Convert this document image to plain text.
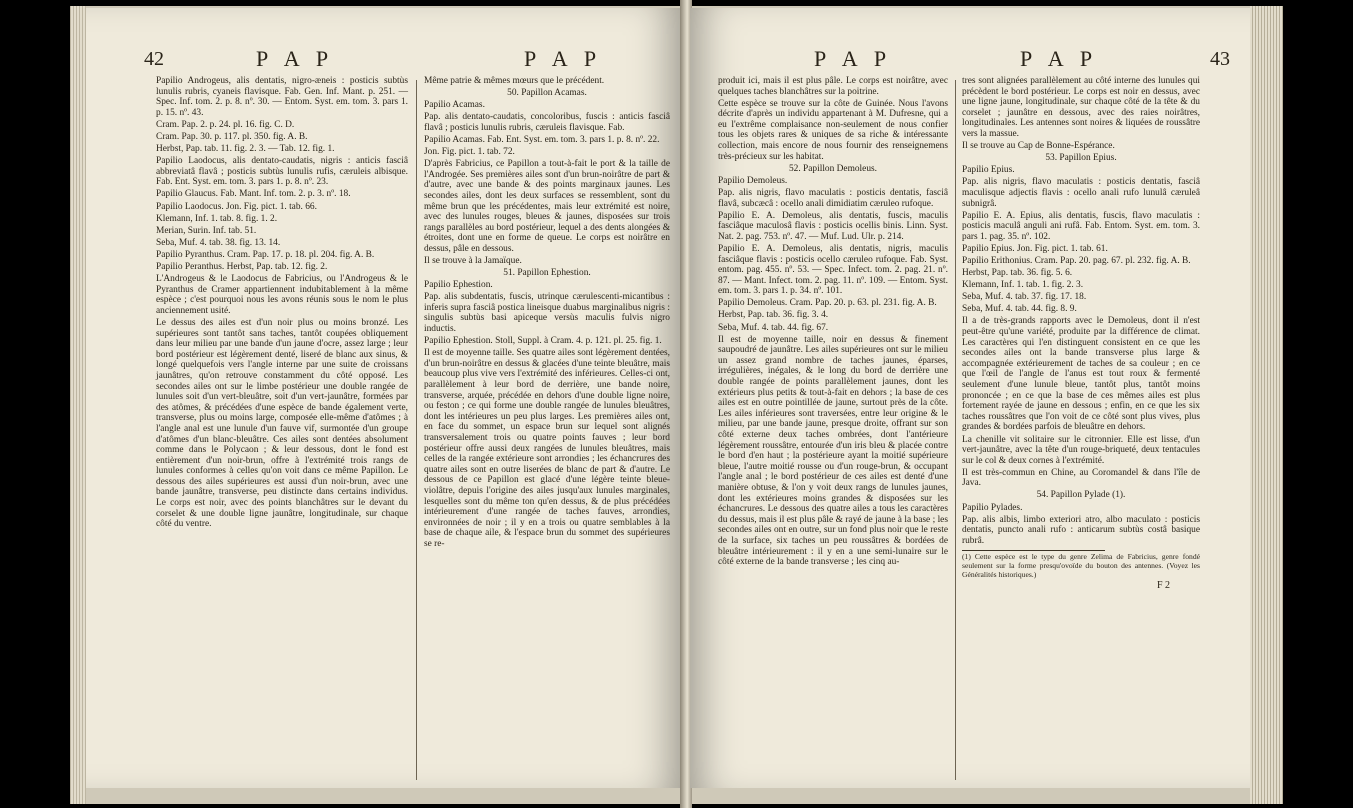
42	P A P	P A P

Papilio Androgeus, alis dentatis, nigro-æneis : posticis subtùs lunulis rubris, cyaneis flavisque. Fab. Gen. Inf. Mant. p. 251. — Spec. Inf. tom. 2. p. 8. nº. 30. — Entom. Syst. em. tom. 3. pars 1. p. 15. nº. 43.

Cram. Pap. 2. p. 24. pl. 16. fig. C. D.

Cram. Pap. 30. p. 117. pl. 350. fig. A. B.

Herbst, Pap. tab. 11. fig. 2. 3. — Tab. 12. fig. 1.

Papilio Laodocus, alis dentato-caudatis, nigris : anticis fasciâ abbreviatâ flavâ ; posticis subtùs lunulis rufis, cæruleis albisque. Fab. Ent. Syst. em. tom. 3. pars 1. p. 8. nº. 23.

Papilio Glaucus. Fab. Mant. Inf. tom. 2. p. 3. nº. 18.

Papilio Laodocus. Jon. Fig. pict. 1. tab. 66.

Klemann, Inf. 1. tab. 8. fig. 1. 2.

Merian, Surin. Inf. tab. 51.

Seba, Muf. 4. tab. 38. fig. 13. 14.

Papilio Pyranthus. Cram. Pap. 17. p. 18. pl. 204. fig. A. B.

Papilio Peranthus. Herbst, Pap. tab. 12. fig. 2.

L'Androgeus & le Laodocus de Fabricius, ou l'Androgeus & le Pyranthus de Cramer appartiennent indubitablement à la même espèce ; c'est pourquoi nous les avons réunis sous le nom le plus anciennement usité.

Le dessus des ailes est d'un noir plus ou moins bronzé. Les supérieures sont tantôt sans taches, tantôt coupées obliquement dans leur milieu par une bande d'un jaune d'ocre, assez large ; leur bord postérieur est légèrement denté, liseré de blanc aux sinus, & longé quelquefois vers l'angle interne par une suite de croissans jaunâtres, qu'on retrouve constamment du côté opposé. Les secondes ailes ont sur le limbe postérieur une double rangée de lunules soit d'un vert-bleuâtre, soit d'un vert-jaunâtre, formées par des atômes, & précédées d'une espèce de bande également verte, transverse, plus ou moins large, composée elle-même d'atômes ; à l'angle anal est une lunule d'un fauve vif, surmontée d'un groupe d'atômes d'un blanc-bleuâtre. Ces ailes sont dentées absolument comme dans le Polycaon ; & leur dessous, dont le fond est entièrement d'un noir-brun, offre à l'extrémité trois rangs de lunules conformes à celles qu'on voit dans ce même Papillon. Le dessous des ailes supérieures est aussi d'un noir-brun, avec une bande jaunâtre, transverse, peu distincte dans certains individus. Le corps est noir, avec des points blanchâtres sur le devant du corselet & une double ligne jaunâtre, longitudinale, sur chaque côté du ventre.

Même patrie & mêmes mœurs que le précédent.

50. Papillon Acamas.

Papilio Acamas.

Pap. alis dentato-caudatis, concoloribus, fuscis : anticis fasciâ flavâ ; posticis lunulis rubris, cæruleis flavisque. Fab.

Papilio Acamas. Fab. Ent. Syst. em. tom. 3. pars 1. p. 8. nº. 22.

Jon. Fig. pict. 1. tab. 72.

D'après Fabricius, ce Papillon a tout-à-fait le port & la taille de l'Androgée. Ses premières ailes sont d'un brun-noirâtre de part & d'autre, avec une bande & des points marginaux jaunes. Les secondes ailes, dont les deux surfaces se ressemblent, sont du même brun que les précédentes, mais leur extrémité est noire, avec des lunules rouges, bleues & jaunes, disposées sur trois rangs parallèles au bord postérieur, lequel a des dents alongées & étroites, dont une en forme de queue. Le corps est noirâtre en dessus, pâle en dessous.

Il se trouve à la Jamaïque.

51. Papillon Ephestion.

Papilio Ephestion.

Pap. alis subdentatis, fuscis, utrinque cærulescenti-micantibus : inferis supra fasciâ postica lineisque duabus marginalibus nigris : singulis subtùs basi apiceque versùs maculis fulvis nigro inductis.

Papilio Ephestion. Stoll, Suppl. à Cram. 4. p. 121. pl. 25. fig. 1.

Il est de moyenne taille. Ses quatre ailes sont légèrement dentées, d'un brun-noirâtre en dessus & glacées d'une teinte bleuâtre, mais beaucoup plus vive vers l'extrémité des inférieures. Celles-ci ont, parallèlement à leur bord de derrière, une bande noire, transverse, arquée, précédée en dehors d'une double ligne noire, ou feston ; ce qui forme une double rangée de lunules bleuâtres, dont les intérieures un peu plus larges. Les premières ailes ont, en face du sommet, un espace brun sur lequel sont alignés transversalement trois ou quatre points fauves ; leur bord postérieur offre aussi deux rangées de lunules bleuâtres, mais celles de la rangée extérieure sont arrondies ; les échancrures des quatre ailes sont en outre liserées de blanc de part & d'autre. Le dessous de ce Papillon est glacé d'une légère teinte bleue-violâtre, depuis l'origine des ailes jusqu'aux lunules marginales, lesquelles sont du même ton qu'en dessus, & de plus précédées intérieurement d'une rangée de taches fauves, arrondies, environnées de noir ; il y en a trois ou quatre semblables à la base de chaque aile, & l'espace brun du sommet des supérieures se re-

P A P	P A P	43

produit ici, mais il est plus pâle. Le corps est noirâtre, avec quelques taches blanchâtres sur la poitrine.

Cette espèce se trouve sur la côte de Guinée. Nous l'avons décrite d'après un individu appartenant à M. Dufresne, qui a eu l'extrême complaisance non-seulement de nous confier tous les objets rares & uniques de sa riche & intéressante collection, mais encore de nous fournir des renseignemens très-précieux sur les habitat.

52. Papillon Demoleus.

Papilio Demoleus.

Pap. alis nigris, flavo maculatis : posticis dentatis, fasciâ flavâ, subcæcâ : ocello anali dimidiatim cæruleo rufoque.

Papilio E. A. Demoleus, alis dentatis, fuscis, maculis fasciâque maculosâ flavis : posticis ocellis binis. Linn. Syst. Nat. 2. pag. 753. nº. 47. — Muf. Lud. Ulr. p. 214.

Papilio E. A. Demoleus, alis dentatis, nigris, maculis fasciâque flavis : posticis ocello cæruleo rufoque. Fab. Syst. entom. pag. 455. nº. 53. — Spec. Infect. tom. 2. pag. 21. nº. 87. — Mant. Infect. tom. 2. pag. 11. nº. 109. — Entom. Syst. em. tom. 3. pars 1. p. 34. nº. 101.

Papilio Demoleus. Cram. Pap. 20. p. 63. pl. 231. fig. A. B.

Herbst, Pap. tab. 36. fig. 3. 4.

Seba, Muf. 4. tab. 44. fig. 67.

Il est de moyenne taille, noir en dessus & finement saupoudré de jaunâtre. Les ailes supérieures ont sur le milieu un assez grand nombre de taches jaunes, éparses, irrégulières, inégales, & le long du bord de derrière une double rangée de points parallèlement jaunes, dont les extérieurs plus petits & tout-à-fait en dehors ; la base de ces ailes est en outre pointillée de jaune, surtout près de la côte. Les ailes inférieures sont traversées, entre leur origine & le milieu, par une bande jaune, presque droite, offrant sur son côté externe deux taches ombrées, dont l'antérieure légèrement roussâtre, entourée d'un iris bleu & placée contre le bord d'en haut ; la postérieure ayant la moitié supérieure bleue, l'autre moitié rousse ou d'un rouge-brun, & occupant l'angle anal ; le bord postérieur de ces ailes est denté d'une manière obtuse, & l'on y voit deux rangs de lunules jaunes, dont les extérieures moins grandes & disposées sur les échancrures. Le dessous des quatre ailes a tous les caractères du dessus, mais il est plus pâle & rayé de jaune à la base ; les secondes ailes ont en outre, sur un fond plus noir que le reste de la surface, six taches un peu roussâtres & bordées de bleuâtre intérieurement : il y en a une semi-lunaire sur le côté externe de la bande transverse ; les cinq au-

tres sont alignées parallèlement au côté interne des lunules qui précèdent le bord postérieur. Le corps est noir en dessus, avec une ligne jaune, longitudinale, sur chaque côté de la tête & du corselet ; jaunâtre en dessous, avec des raies noirâtres, longitudinales. Les antennes sont noires & liquées de roussâtre vers la massue.

Il se trouve au Cap de Bonne-Espérance.

53. Papillon Epius.

Papilio Epius.

Pap. alis nigris, flavo maculatis : posticis dentatis, fasciâ maculisque adjectis flavis : ocello anali rufo lunulâ cæruleâ subnigrâ.

Papilio E. A. Epius, alis dentatis, fuscis, flavo maculatis : posticis maculâ anguli ani rufâ. Fab. Entom. Syst. em. tom. 3. pars 1. pag. 35. nº. 102.

Papilio Epius. Jon. Fig. pict. 1. tab. 61.

Papilio Erithonius. Cram. Pap. 20. pag. 67. pl. 232. fig. A. B.

Herbst, Pap. tab. 36. fig. 5. 6.

Klemann, Inf. 1. tab. 1. fig. 2. 3.

Seba, Muf. 4. tab. 37. fig. 17. 18.

Seba, Muf. 4. tab. 44. fig. 8. 9.

Il a de très-grands rapports avec le Demoleus, dont il n'est peut-être qu'une variété, produite par la différence de climat. Les caractères qui l'en distinguent consistent en ce que les secondes ailes ont la bande transverse plus large & accompagnée extérieurement de taches de sa couleur ; en ce que l'œil de l'angle de l'anus est tout roux & fermenté seulement d'une lunule bleue, tantôt plus, tantôt moins prononcée ; en ce que la base de ces mêmes ailes est plus fortement rayée de jaune en dessous ; enfin, en ce que les six taches roussâtres que l'on voit de ce côté sont plus vives, plus grandes & bordées parfois de bleuâtre en dehors.

La chenille vit solitaire sur le citronnier. Elle est lisse, d'un vert-jaunâtre, avec la tête d'un rouge-briqueté, deux tentacules sur le col & deux cornes à l'extrémité.

Il est très-commun en Chine, au Coromandel & dans l'île de Java.

54. Papillon Pylade (1).

Papilio Pylades.

Pap. alis albis, limbo exteriori atro, albo maculato : posticis dentatis, puncto anali rufo : anticarum subtùs costâ basique rubrâ.

(1) Cette espèce est le type du genre Zelima de Fabricius, genre fondé seulement sur la forme presqu'ovoïde du bouton des antennes. (Voyez les Généralités historiques.)

F 2
